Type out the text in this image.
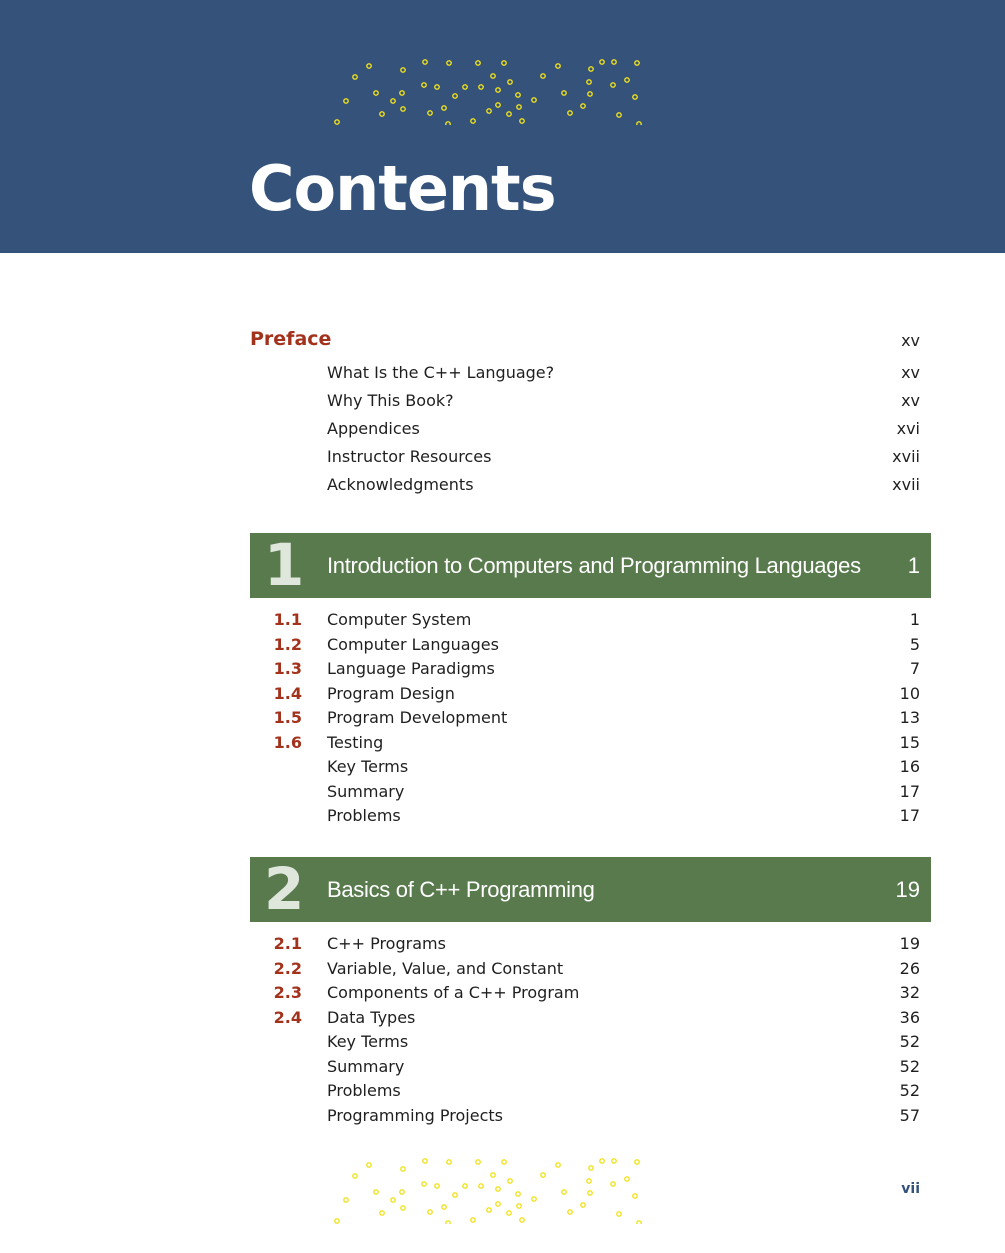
Contents
Preface	xv
What Is the C++ Language?	xv
Why This Book?	xv
Appendices	xvi
Instructor Resources	xvii
Acknowledgments	xvii
1 Introduction to Computers and Programming Languages 1
1.1 Computer System	1
1.2 Computer Languages	5
1.3 Language Paradigms	7
1.4 Program Design	10
1.5 Program Development	13
1.6 Testing	15
Key Terms	16
Summary	17
Problems	17
2 Basics of C++ Programming	19
2.1 C++ Programs	19
2.2 Variable, Value, and Constant	26
2.3 Components of a C++ Program	32
2.4 Data Types	36
Key Terms	52
Summary	52
Problems	52
Programming Projects	57
vii
